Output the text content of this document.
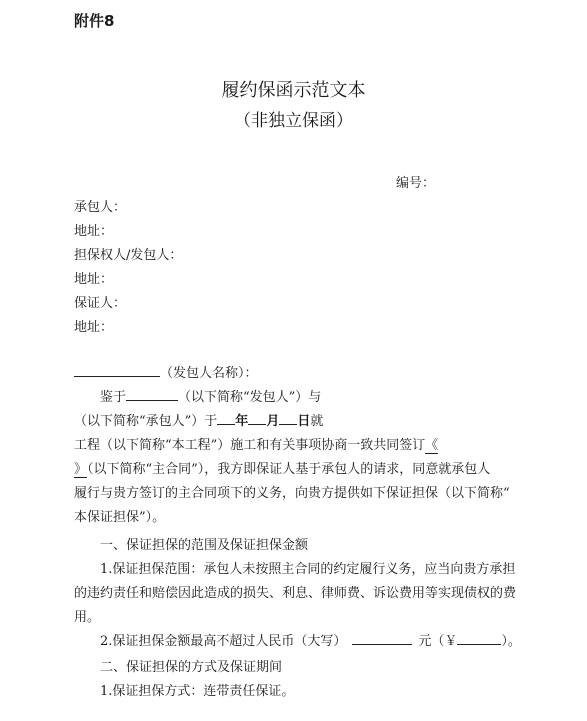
附件8
履约保函示范文本
（非独立保函）
编号：
承包人：
地址：
担保权人/发包人：
地址：
保证人：
地址：
（发包人名称）：
鉴于	（以下简称“发包人”）与
（以下简称“承包人”）于 年 月 日就
工程（以下简称“本工程”）施工和有关事项协商一致共同签订《
》（以下简称“主合同”），我方即保证人基于承包人的请求，同意就承包人
履行与贵方签订的主合同项下的义务，向贵方提供如下保证担保（以下简称“
本保证担保”）。
一、保证担保的范围及保证担保金额
1.保证担保范围：承包人未按照主合同的约定履行义务，应当向贵方承担
的违约责任和赔偿因此造成的损失、利息、律师费、诉讼费用等实现债权的费
用。
2.保证担保金额最高不超过人民币（大写）	元（￥	）。
二、保证担保的方式及保证期间
1.保证担保方式：连带责任保证。
